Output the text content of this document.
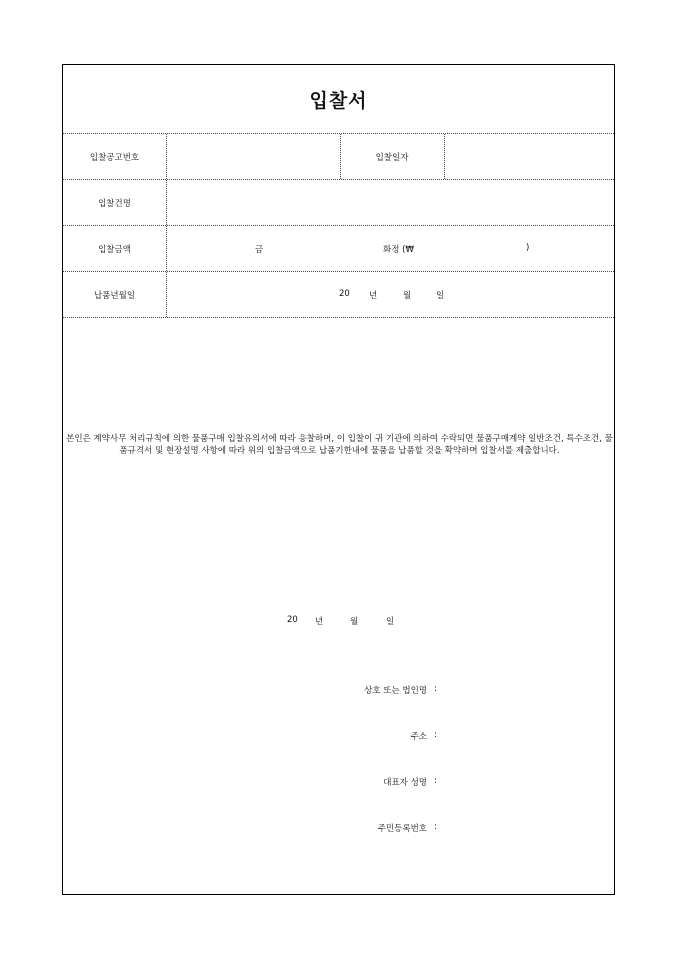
입찰서
입찰공고번호	입찰일자
입찰건명
입찰금액	금	화정 (₩	)
납품년월일	20 년	월	일
본인은 계약사무 처리규칙에 의한 물품구매 입찰유의서에 따라 응찰하며, 이 입찰이 귀 기관에 의하여 수락되면 물품구매계약 일반조건, 특수조건, 물품규격서 및 현장설명 사항에 따라 위의 입찰금액으로 납품기한내에 물품을 납품할 것을 확약하며 입찰서를 제출합니다.
20 년	월	일
상호 또는 법인명 :
주소 :
대표자 성명 :
주민등록번호 :
